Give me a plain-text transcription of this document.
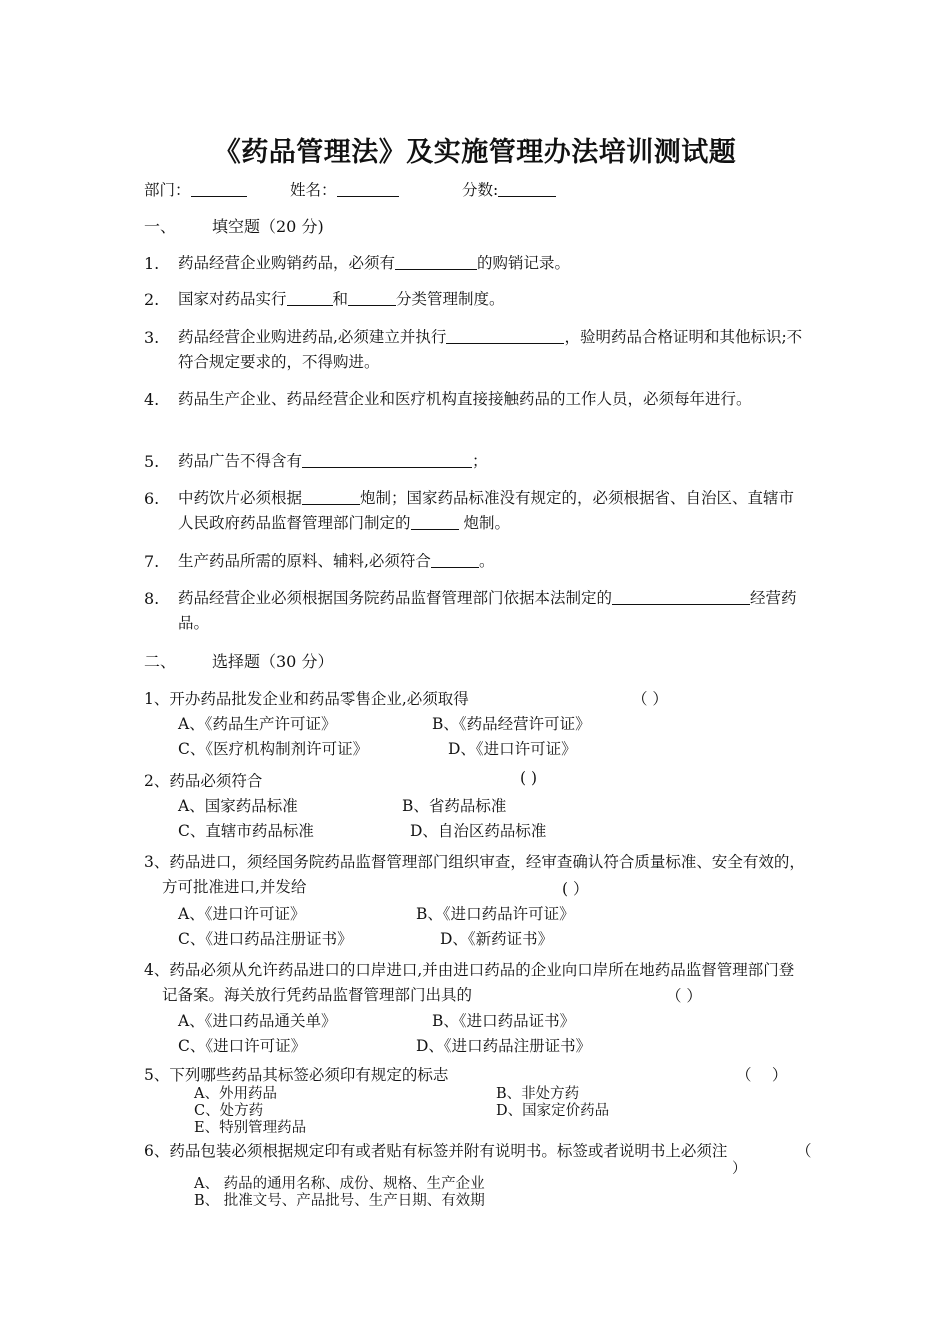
《药品管理法》及实施管理办法培训测试题
部门：	姓名：	分数:
一、 填空题（20 分)
1. 药品经营企业购销药品，必须有	的购销记录。
2. 国家对药品实行	和	分类管理制度。
3. 药品经营企业购进药品,必须建立并执行	，验明药品合格证明和其他标识;不符合规定要求的，不得购进。
4. 药品生产企业、药品经营企业和医疗机构直接接触药品的工作人员，必须每年进行。
5. 药品广告不得含有	；
6. 中药饮片必须根据	炮制；国家药品标准没有规定的，必须根据省、自治区、直辖市人民政府药品监督管理部门制定的	炮制。
7. 生产药品所需的原料、辅料,必须符合	。
8. 药品经营企业必须根据国务院药品监督管理部门依据本法制定的	经营药品。
二、 选择题（30 分）
1、开办药品批发企业和药品零售企业,必须取得	（ ）
A、《药品生产许可证》	B、《药品经营许可证》
C、《医疗机构制剂许可证》	D、《进口许可证》
2、药品必须符合	( )
A、国家药品标准	B、省药品标准
C、直辖市药品标准	D、自治区药品标准
3、药品进口，须经国务院药品监督管理部门组织审查，经审查确认符合质量标准、安全有效的，方可批准进口,并发给	( ）
A、《进口许可证》	B、《进口药品许可证》
C、《进口药品注册证书》	D、《新药证书》
4、药品必须从允许药品进口的口岸进口,并由进口药品的企业向口岸所在地药品监督管理部门登记备案。海关放行凭药品监督管理部门出具的	（ ）
A、《进口药品通关单》	B、《进口药品证书》
C、《进口许可证》	D、《进口药品注册证书》
5、下列哪些药品其标签必须印有规定的标志	（　 ）
A、外用药品	B、非处方药
C、处方药	D、国家定价药品
E、特别管理药品
6、药品包装必须根据规定印有或者贴有标签并附有说明书。标签或者说明书上必须注	（
）
A、 药品的通用名称、成份、规格、生产企业
B、 批准文号、产品批号、生产日期、有效期
